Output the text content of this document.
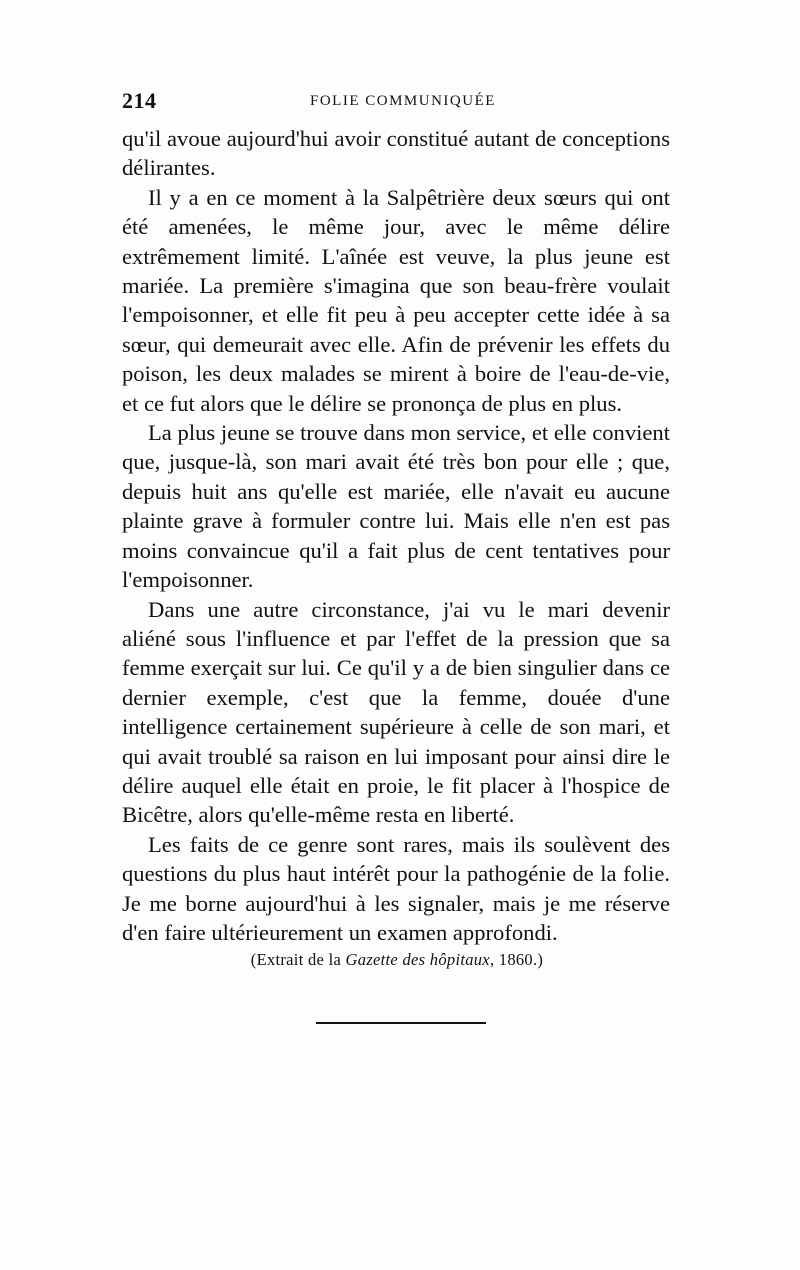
214	FOLIE COMMUNIQUÉE

qu'il avoue aujourd'hui avoir constitué autant de conceptions délirantes.

Il y a en ce moment à la Salpêtrière deux sœurs qui ont été amenées, le même jour, avec le même délire extrêmement limité. L'aînée est veuve, la plus jeune est mariée. La première s'imagina que son beau-frère voulait l'empoisonner, et elle fit peu à peu accepter cette idée à sa sœur, qui demeurait avec elle. Afin de prévenir les effets du poison, les deux malades se mirent à boire de l'eau-de-vie, et ce fut alors que le délire se prononça de plus en plus.

La plus jeune se trouve dans mon service, et elle convient que, jusque-là, son mari avait été très bon pour elle ; que, depuis huit ans qu'elle est mariée, elle n'avait eu aucune plainte grave à formuler contre lui. Mais elle n'en est pas moins convaincue qu'il a fait plus de cent tentatives pour l'empoisonner.

Dans une autre circonstance, j'ai vu le mari devenir aliéné sous l'influence et par l'effet de la pression que sa femme exerçait sur lui. Ce qu'il y a de bien singulier dans ce dernier exemple, c'est que la femme, douée d'une intelligence certainement supérieure à celle de son mari, et qui avait troublé sa raison en lui imposant pour ainsi dire le délire auquel elle était en proie, le fit placer à l'hospice de Bicêtre, alors qu'elle-même resta en liberté.

Les faits de ce genre sont rares, mais ils soulèvent des questions du plus haut intérêt pour la pathogénie de la folie. Je me borne aujourd'hui à les signaler, mais je me réserve d'en faire ultérieurement un examen approfondi.

(Extrait de la Gazette des hôpitaux, 1860.)
